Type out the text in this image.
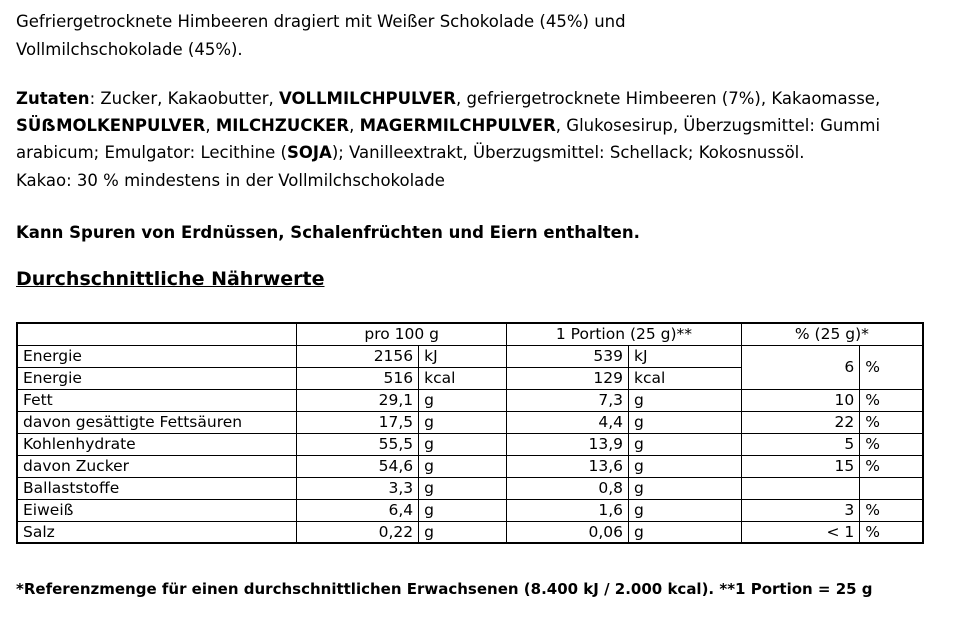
Gefriergetrocknete Himbeeren dragiert mit Weißer Schokolade (45%) und
Vollmilchschokolade (45%).
Zutaten: Zucker, Kakaobutter, VOLLMILCHPULVER, gefriergetrocknete Himbeeren (7%), Kakaomasse,
SÜẞMOLKENPULVER, MILCHZUCKER, MAGERMILCHPULVER, Glukosesirup, Überzugsmittel: Gummi
arabicum; Emulgator: Lecithine (SOJA); Vanilleextrakt, Überzugsmittel: Schellack; Kokosnussöl.
Kakao: 30 % mindestens in der Vollmilchschokolade
Kann Spuren von Erdnüssen, Schalenfrüchten und Eiern enthalten.
Durchschnittliche Nährwerte
	pro 100 g		1 Portion (25 g)**		% (25 g)*	
Energie	2156	kJ	539	kJ	6	%
Energie	516	kcal	129	kcal		
Fett	29,1	g	7,3	g	10	%
davon gesättigte Fettsäuren	17,5	g	4,4	g	22	%
Kohlenhydrate	55,5	g	13,9	g	5	%
davon Zucker	54,6	g	13,6	g	15	%
Ballaststoffe	3,3	g	0,8	g		
Eiweiß	6,4	g	1,6	g	3	%
Salz	0,22	g	0,06	g	< 1	%
*Referenzmenge für einen durchschnittlichen Erwachsenen (8.400 kJ / 2.000 kcal). **1 Portion = 25 g
